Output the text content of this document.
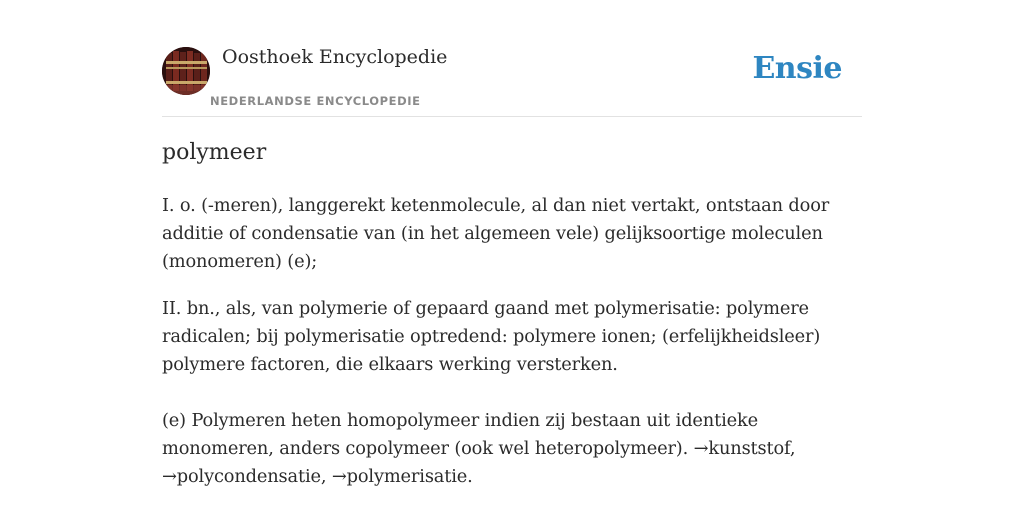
Oosthoek Encyclopedie
NEDERLANDSE ENCYCLOPEDIE
Ensie
polymeer

I. o. (-meren), langgerekt ketenmolecule, al dan niet vertakt, ontstaan door additie of condensatie van (in het algemeen vele) gelijksoortige moleculen (monomeren) (e);

II. bn., als, van polymerie of gepaard gaand met polymerisatie: polymere radicalen; bij polymerisatie optredend: polymere ionen; (erfelijkheidsleer) polymere factoren, die elkaars werking versterken.

(e) Polymeren heten homopolymeer indien zij bestaan uit identieke monomeren, anders copolymeer (ook wel heteropolymeer). →kunststof, →polycondensatie, →polymerisatie.
